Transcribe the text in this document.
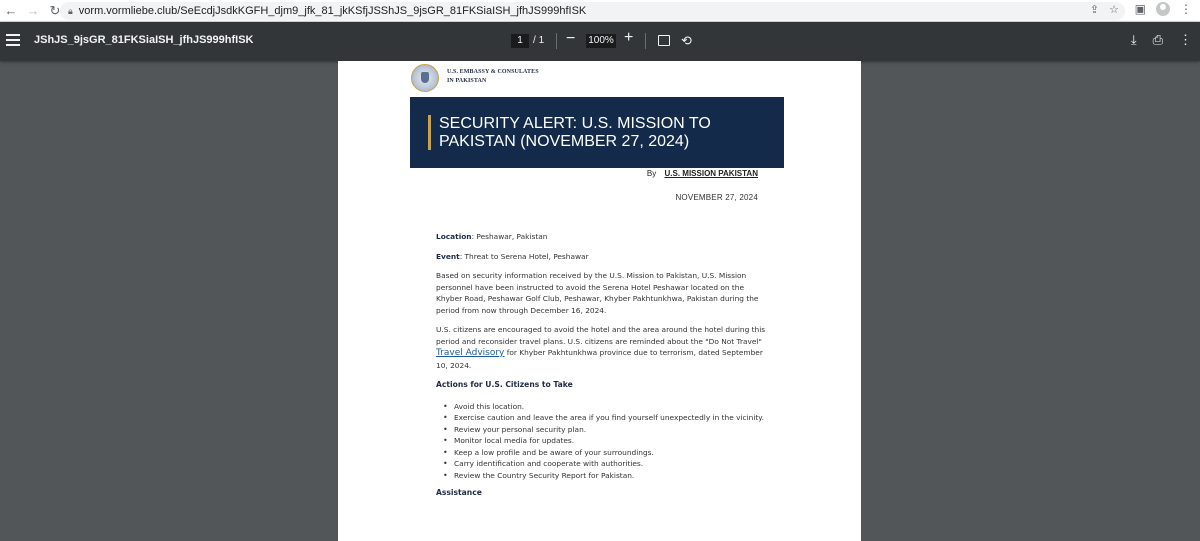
← → ↻ 🔒︎ vorm.vormliebe.club/SeEcdjJsdkKGFH_djm9_jfk_81_jkKSfjJSShJS_9jsGR_81FKSiaISH_jfhJS999hfISK	⇪ ☆ ▣	⋮
JShJS_9jsGR_81FKSiaISH_jfhJS999hfISK	1	/ 1 − 100% +	⟲	⤓ ⎙ ⋮
U.S. EMBASSY & CONSULATES
IN PAKISTAN
SECURITY ALERT: U.S. MISSION TO
PAKISTAN (NOVEMBER 27, 2024)
By U.S. MISSION PAKISTAN
NOVEMBER 27, 2024

Location: Peshawar, Pakistan

Event: Threat to Serena Hotel, Peshawar

Based on security information received by the U.S. Mission to Pakistan, U.S. Mission personnel have been instructed to avoid the Serena Hotel Peshawar located on the Khyber Road, Peshawar Golf Club, Peshawar, Khyber Pakhtunkhwa, Pakistan during the period from now through December 16, 2024.

U.S. citizens are encouraged to avoid the hotel and the area around the hotel during this period and reconsider travel plans. U.S. citizens are reminded about the "Do Not Travel" Travel Advisory for Khyber Pakhtunkhwa province due to terrorism, dated September 10, 2024.

Actions for U.S. Citizens to Take
• Avoid this location.
• Exercise caution and leave the area if you find yourself unexpectedly in the vicinity.
• Review your personal security plan.
• Monitor local media for updates.
• Keep a low profile and be aware of your surroundings.
• Carry identification and cooperate with authorities.
• Review the Country Security Report for Pakistan.
Assistance
